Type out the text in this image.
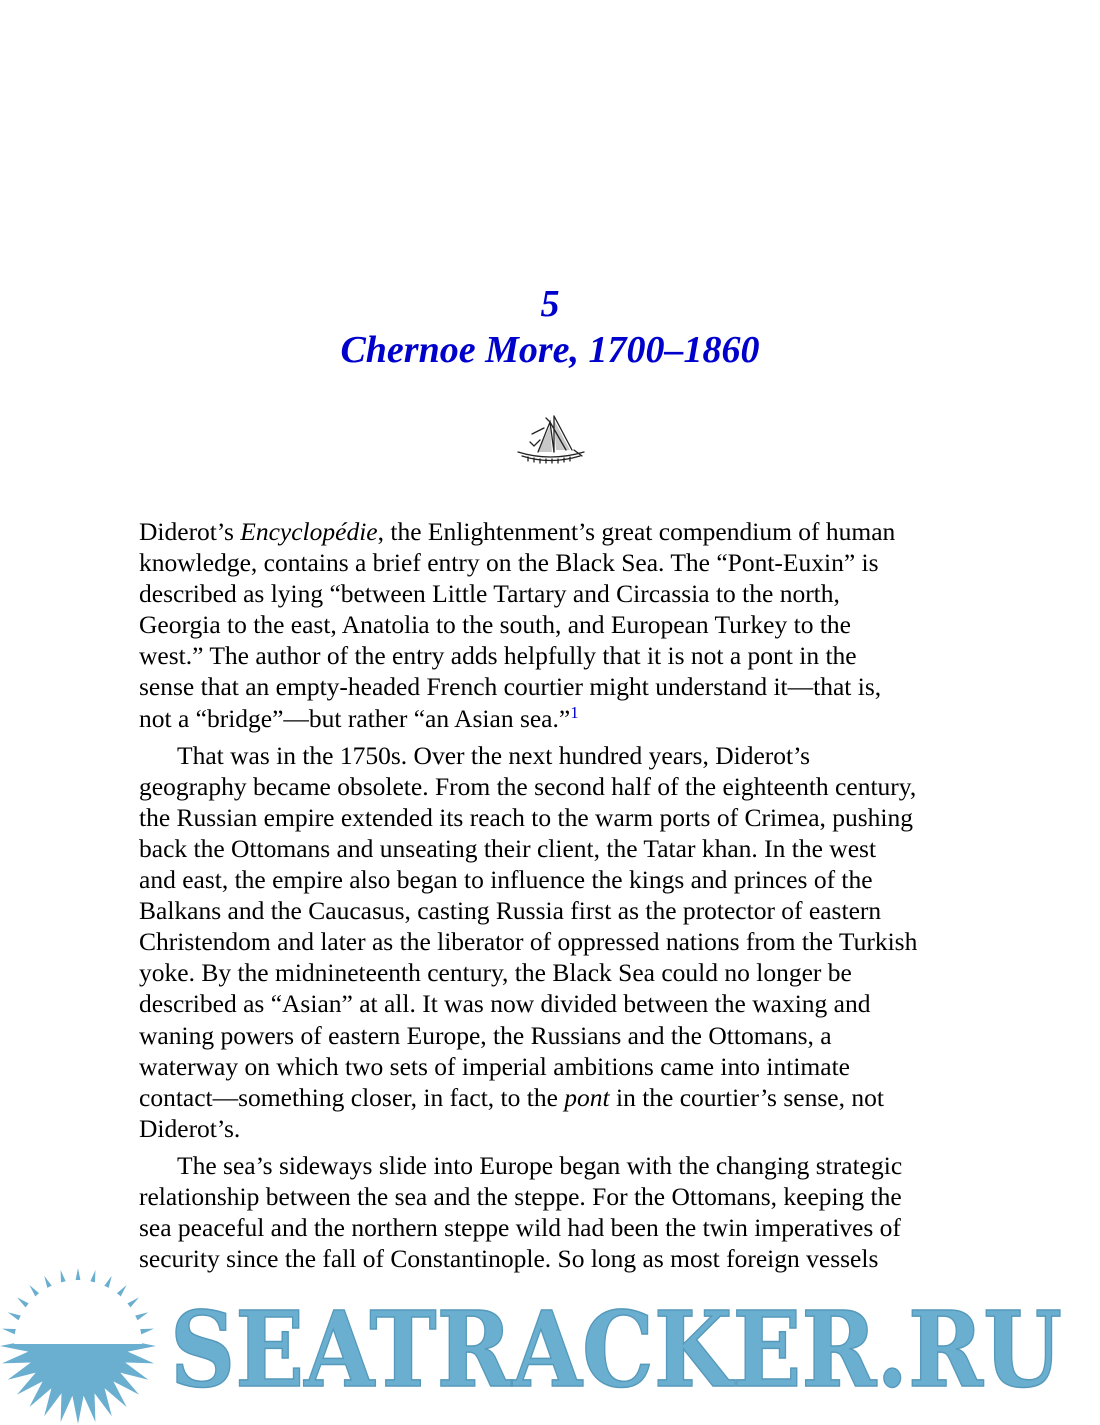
5
Chernoe More, 1700–1860

Diderot’s Encyclopédie, the Enlightenment’s great compendium of human
knowledge, contains a brief entry on the Black Sea. The “Pont-Euxin” is
described as lying “between Little Tartary and Circassia to the north,
Georgia to the east, Anatolia to the south, and European Turkey to the
west.” The author of the entry adds helpfully that it is not a pont in the
sense that an empty-headed French courtier might understand it—that is,
not a “bridge”—but rather “an Asian sea.”$^1$

That was in the 1750s. Over the next hundred years, Diderot’s
geography became obsolete. From the second half of the eighteenth century,
the Russian empire extended its reach to the warm ports of Crimea, pushing
back the Ottomans and unseating their client, the Tatar khan. In the west
and east, the empire also began to influence the kings and princes of the
Balkans and the Caucasus, casting Russia first as the protector of eastern
Christendom and later as the liberator of oppressed nations from the Turkish
yoke. By the midnineteenth century, the Black Sea could no longer be
described as “Asian” at all. It was now divided between the waxing and
waning powers of eastern Europe, the Russians and the Ottomans, a
waterway on which two sets of imperial ambitions came into intimate
contact—something closer, in fact, to the pont in the courtier’s sense, not
Diderot’s.

The sea’s sideways slide into Europe began with the changing strategic
relationship between the sea and the steppe. For the Ottomans, keeping the
sea peaceful and the northern steppe wild had been the twin imperatives of
security since the fall of Constantinople. So long as most foreign vessels

SEATRACKER.RU
